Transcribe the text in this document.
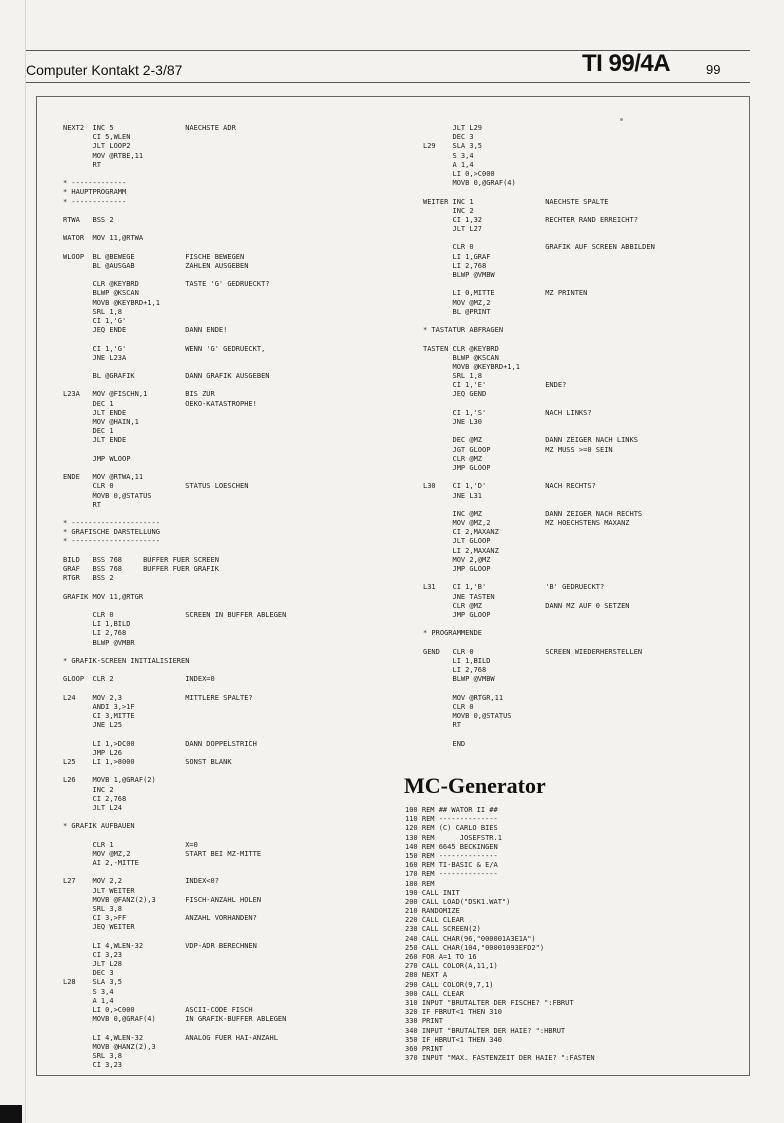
Computer Kontakt 2-3/87	TI 99/4A	99
NEXT2  INC 5                 NAECHSTE ADR
CI 5,WLEN
JLT LOOP2
MOV @RTBE,11
RT
* -------------
* HAUPTPROGRAMM
* -------------
RTWA   BSS 2
WATOR  MOV 11,@RTWA
WLOOP  BL @BEWEGE            FISCHE BEWEGEN
BL @AUSGAB            ZAHLEN AUSGEBEN
CLR @KEYBRD           TASTE 'G' GEDRUECKT?
BLWP @KSCAN
MOVB @KEYBRD+1,1
SRL 1,8
CI 1,'G'
JEQ ENDE              DANN ENDE!
CI 1,'G'              WENN 'G' GEDRUECKT,
JNE L23A
BL @GRAFIK            DANN GRAFIK AUSGEBEN
L23A   MOV @FISCHN,1         BIS ZUR
DEC 1                 OEKO-KATASTROPHE!
JLT ENDE
MOV @HAIN,1
DEC 1
JLT ENDE
JMP WLOOP
ENDE   MOV @RTWA,11
CLR 0                 STATUS LOESCHEN
MOVB 0,@STATUS
RT
* ---------------------
* GRAFISCHE DARSTELLUNG
* ---------------------
BILD   BSS 768     BUFFER FUER SCREEN
GRAF   BSS 768     BUFFER FUER GRAFIK
RTGR   BSS 2
GRAFIK MOV 11,@RTGR
CLR 0                 SCREEN IN BUFFER ABLEGEN
LI 1,BILD
LI 2,768
BLWP @VMBR
* GRAFIK-SCREEN INITIALISIEREN
GLOOP  CLR 2                 INDEX=0
L24    MOV 2,3               MITTLERE SPALTE?
ANDI 3,>1F
CI 3,MITTE
JNE L25
LI 1,>DC00            DANN DOPPELSTRICH
JMP L26
L25    LI 1,>8000            SONST BLANK
L26    MOVB 1,@GRAF(2)
INC 2
CI 2,768
JLT L24
* GRAFIK AUFBAUEN
CLR 1                 X=0
MOV @MZ,2             START BEI MZ-MITTE
AI 2,-MITTE
L27    MOV 2,2               INDEX<0?
JLT WEITER
MOVB @FANZ(2),3       FISCH-ANZAHL HOLEN
SRL 3,8
CI 3,>FF              ANZAHL VORHANDEN?
JEQ WEITER
LI 4,WLEN-32          VDP-ADR BERECHNEN
CI 3,23
JLT L28
DEC 3
L28    SLA 3,5
S 3,4
A 1,4
LI 0,>C000            ASCII-CODE FISCH
MOVB 0,@GRAF(4)       IN GRAFIK-BUFFER ABLEGEN
LI 4,WLEN-32          ANALOG FUER HAI-ANZAHL
MOVB @HANZ(2),3
SRL 3,8
CI 3,23
JLT L29
DEC 3
L29    SLA 3,5
S 3,4
A 1,4
LI 0,>C000
MOVB 0,@GRAF(4)
WEITER INC 1                 NAECHSTE SPALTE
INC 2
CI 1,32               RECHTER RAND ERREICHT?
JLT L27
CLR 0                 GRAFIK AUF SCREEN ABBILDEN
LI 1,GRAF
LI 2,768
BLWP @VMBW
LI 0,MITTE            MZ PRINTEN
MOV @MZ,2
BL @PRINT
* TASTATUR ABFRAGEN
TASTEN CLR @KEYBRD
BLWP @KSCAN
MOVB @KEYBRD+1,1
SRL 1,8
CI 1,'E'              ENDE?
JEQ GEND
CI 1,'S'              NACH LINKS?
JNE L30
DEC @MZ               DANN ZEIGER NACH LINKS
JGT GLOOP             MZ MUSS >=0 SEIN
CLR @MZ
JMP GLOOP
L30    CI 1,'D'              NACH RECHTS?
JNE L31
INC @MZ               DANN ZEIGER NACH RECHTS
MOV @MZ,2             MZ HOECHSTENS MAXANZ
CI 2,MAXANZ
JLT GLOOP
LI 2,MAXANZ
MOV 2,@MZ
JMP GLOOP
L31    CI 1,'B'              'B' GEDRUECKT?
JNE TASTEN
CLR @MZ               DANN MZ AUF 0 SETZEN
JMP GLOOP
* PROGRAMMENDE
GEND   CLR 0                 SCREEN WIEDERHERSTELLEN
LI 1,BILD
LI 2,768
BLWP @VMBW
MOV @RTGR,11
CLR 0
MOVB 0,@STATUS
RT
END
MC-Generator
100 REM ## WATOR II ##
110 REM --------------
120 REM (C) CARLO BIES
130 REM      JOSEFSTR.1
140 REM 6645 BECKINGEN
150 REM --------------
160 REM TI-BASIC & E/A
170 REM --------------
180 REM
190 CALL INIT
200 CALL LOAD("DSK1.WAT")
210 RANDOMIZE
220 CALL CLEAR
230 CALL SCREEN(2)
240 CALL CHAR(96,"000001A3E1A")
250 CALL CHAR(104,"00001093EFD2")
260 FOR A=1 TO 16
270 CALL COLOR(A,11,1)
280 NEXT A
290 CALL COLOR(9,7,1)
300 CALL CLEAR
310 INPUT "BRUTALTER DER FISCHE? ":FBRUT
320 IF FBRUT<1 THEN 310
330 PRINT
340 INPUT "BRUTALTER DER HAIE? ":HBRUT
350 IF HBRUT<1 THEN 340
360 PRINT
370 INPUT "MAX. FASTENZEIT DER HAIE? ":FASTEN
